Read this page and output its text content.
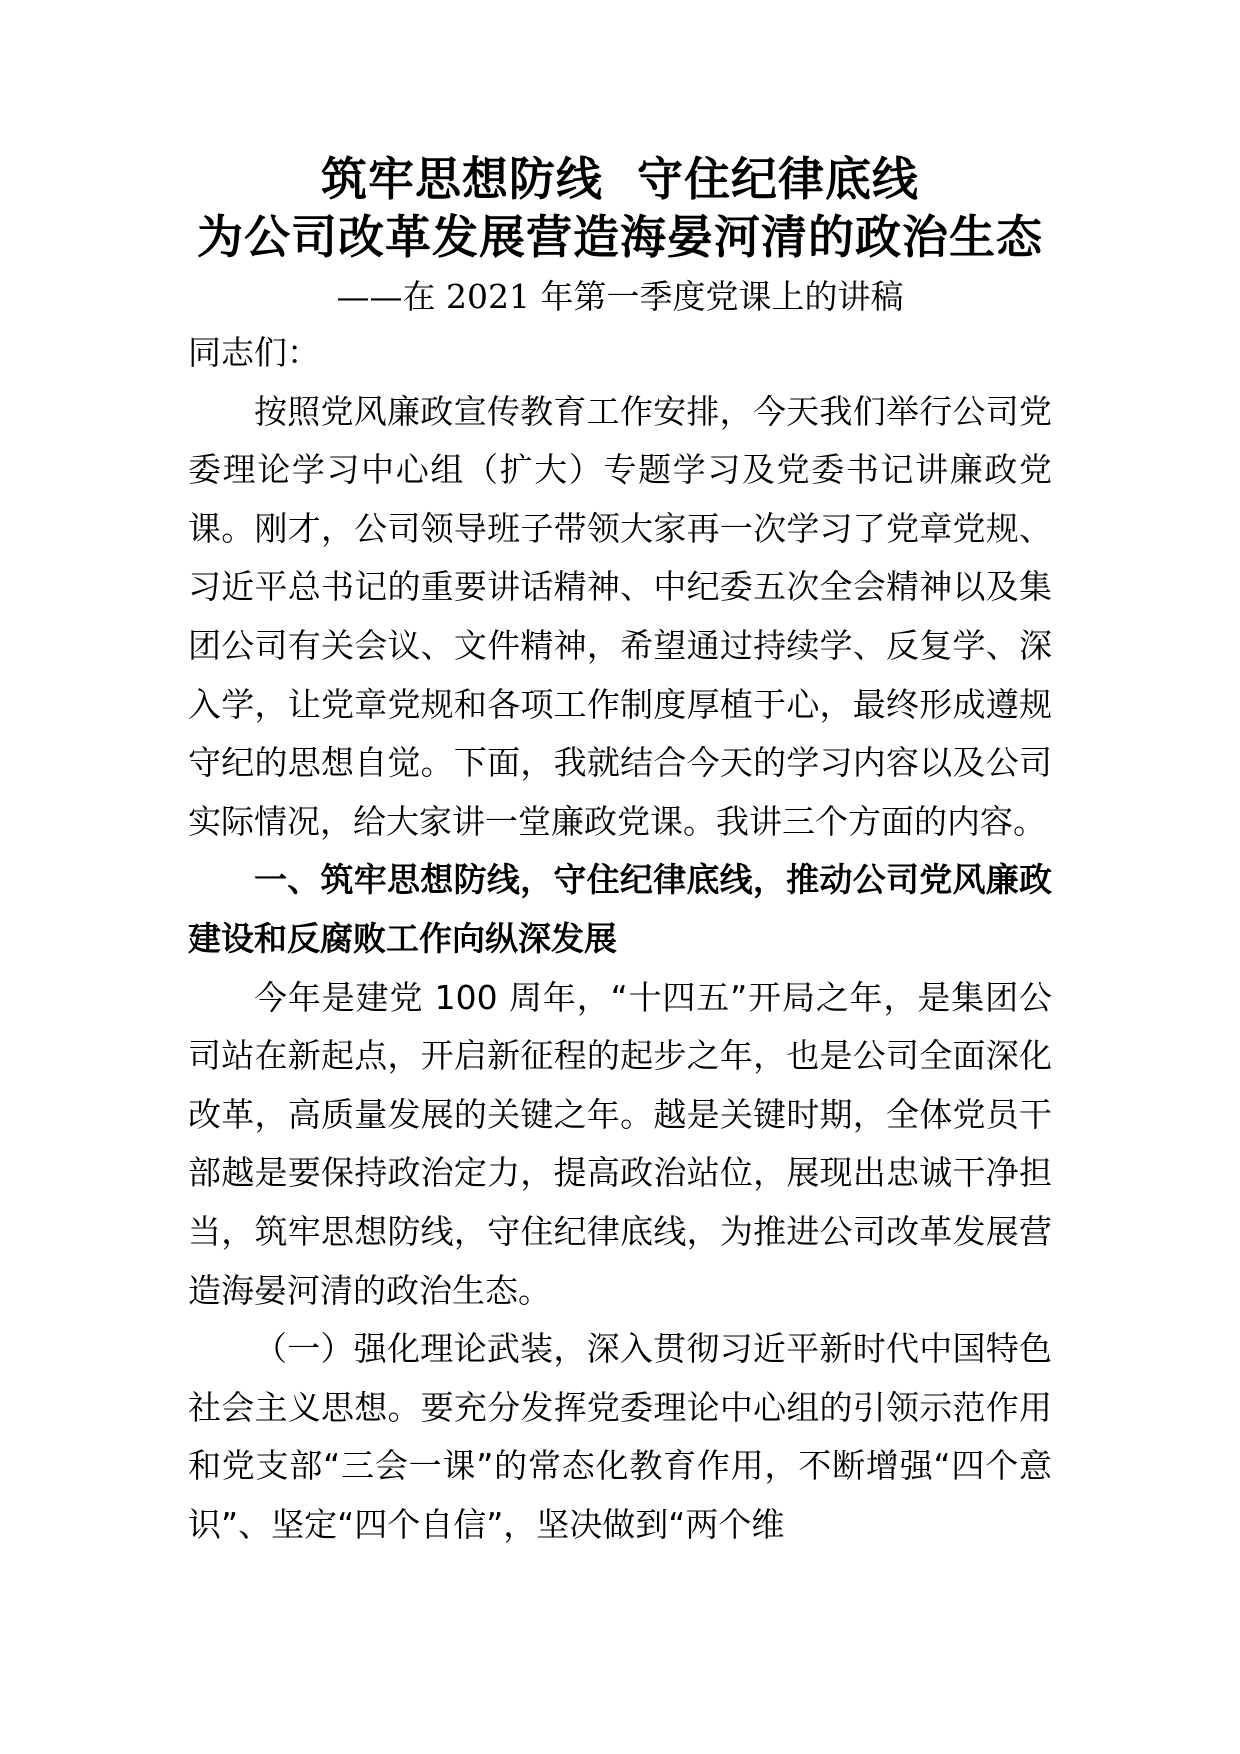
筑牢思想防线  守住纪律底线
为公司改革发展营造海晏河清的政治生态
——在 2021 年第一季度党课上的讲稿

同志们：

按照党风廉政宣传教育工作安排，今天我们举行公司党委理论学习中心组（扩大）专题学习及党委书记讲廉政党课。刚才，公司领导班子带领大家再一次学习了党章党规、习近平总书记的重要讲话精神、中纪委五次全会精神以及集团公司有关会议、文件精神，希望通过持续学、反复学、深入学，让党章党规和各项工作制度厚植于心，最终形成遵规守纪的思想自觉。下面，我就结合今天的学习内容以及公司实际情况，给大家讲一堂廉政党课。我讲三个方面的内容。

一、筑牢思想防线，守住纪律底线，推动公司党风廉政建设和反腐败工作向纵深发展

今年是建党 100 周年，“十四五”开局之年，是集团公司站在新起点，开启新征程的起步之年，也是公司全面深化改革，高质量发展的关键之年。越是关键时期，全体党员干部越是要保持政治定力，提高政治站位，展现出忠诚干净担当，筑牢思想防线，守住纪律底线，为推进公司改革发展营造海晏河清的政治生态。

（一）强化理论武装，深入贯彻习近平新时代中国特色社会主义思想。要充分发挥党委理论中心组的引领示范作用和党支部“三会一课”的常态化教育作用，不断增强“四个意识”、坚定“四个自信”，坚决做到“两个维
